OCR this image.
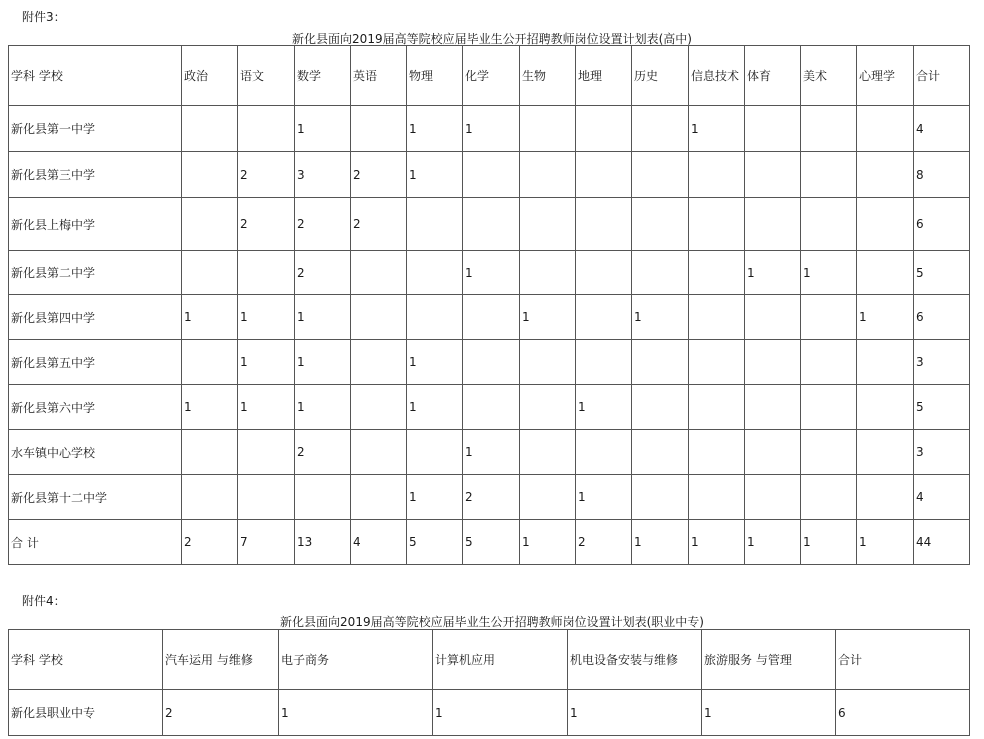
附件3：
新化县面向2019届高等院校应届毕业生公开招聘教师岗位设置计划表(高中)
学科 学校	政治	语文	数学	英语	物理	化学	生物	地理	历史	信息技术	体育	美术	心理学	合计
新化县第一中学			1		1	1				1				4
新化县第三中学		2	3	2	1									8
新化县上梅中学		2	2	2										6
新化县第二中学			2			1					1	1		5
新化县第四中学	1	1	1				1		1				1	6
新化县第五中学		1	1		1									3
新化县第六中学	1	1	1		1			1						5
水车镇中心学校			2			1								3
新化县第十二中学					1	2		1						4
合 计	2	7	13	4	5	5	1	2	1	1	1	1	1	44
附件4：
新化县面向2019届高等院校应届毕业生公开招聘教师岗位设置计划表(职业中专)
学科 学校	汽车运用 与维修	电子商务	计算机应用	机电设备安装与维修	旅游服务 与管理	合计
新化县职业中专	2	1	1	1	1	6
